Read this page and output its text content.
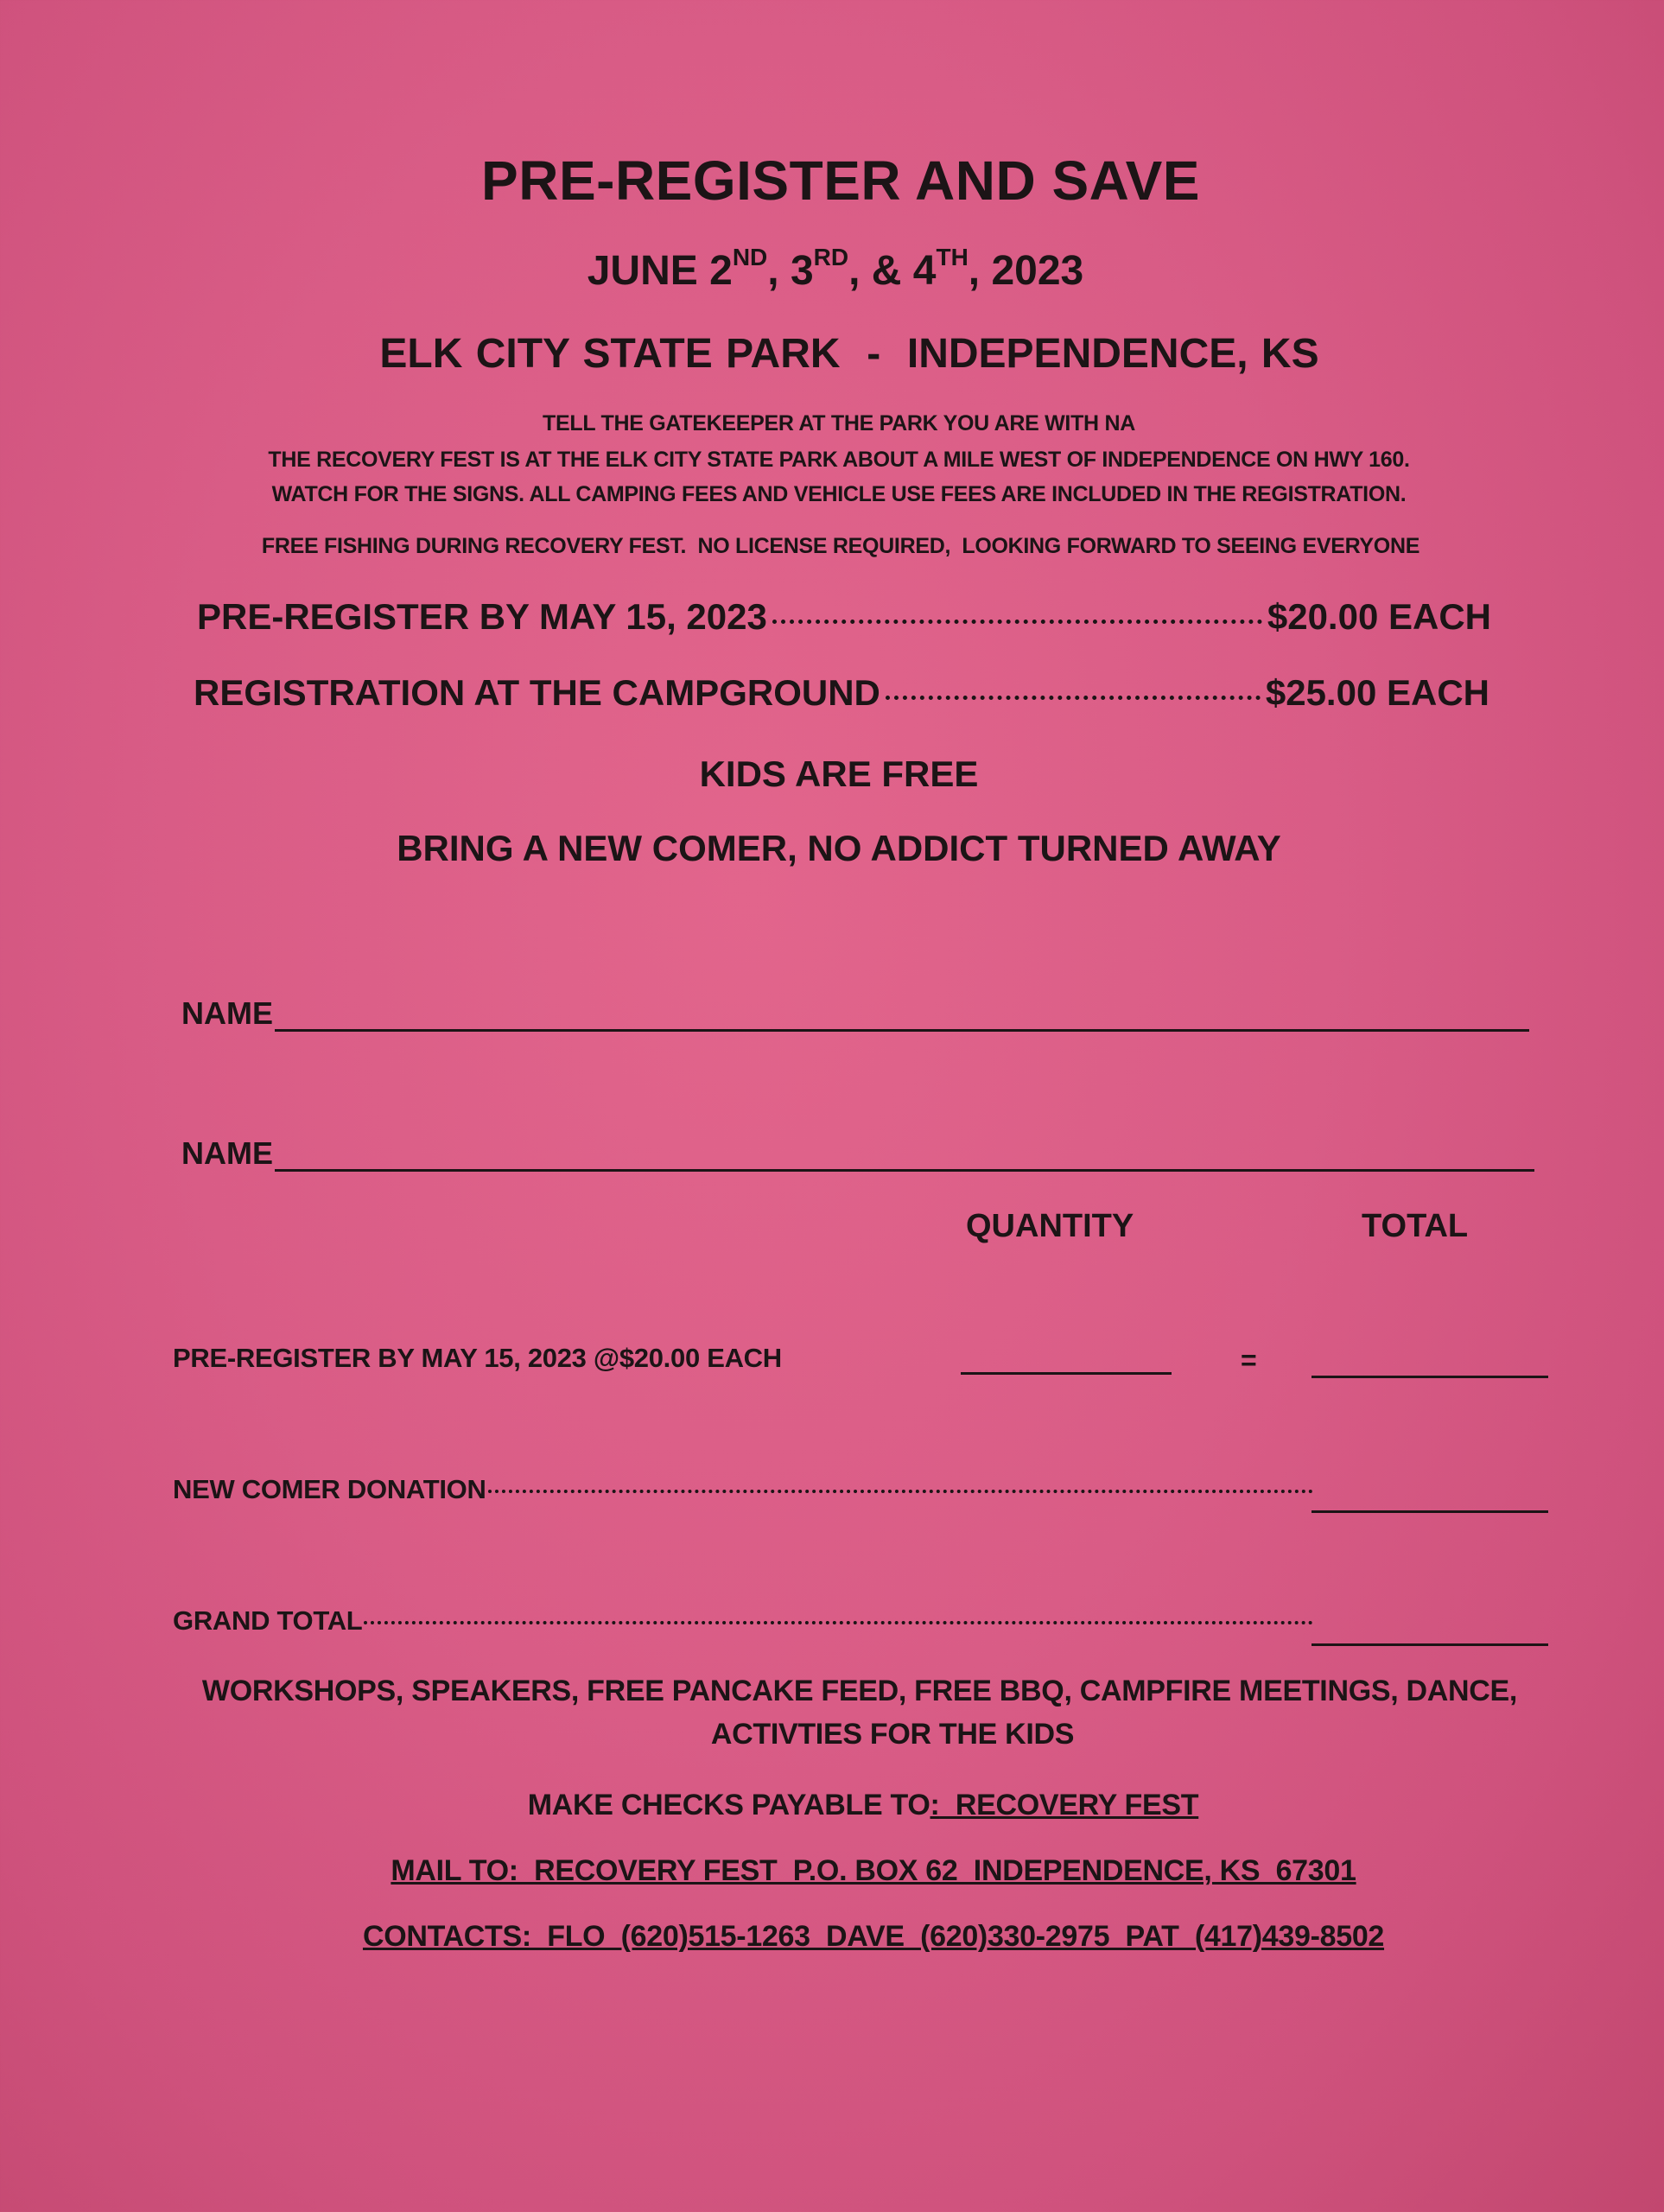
PRE-REGISTER AND SAVE
JUNE 2ND, 3RD, & 4TH, 2023
ELK CITY STATE PARK  -  INDEPENDENCE, KS
TELL THE GATEKEEPER AT THE PARK YOU ARE WITH NA
THE RECOVERY FEST IS AT THE ELK CITY STATE PARK ABOUT A MILE WEST OF INDEPENDENCE ON HWY 160.
WATCH FOR THE SIGNS. ALL CAMPING FEES AND VEHICLE USE FEES ARE INCLUDED IN THE REGISTRATION.
FREE FISHING DURING RECOVERY FEST.  NO LICENSE REQUIRED,  LOOKING FORWARD TO SEEING EVERYONE
PRE-REGISTER BY MAY 15, 2023	$20.00 EACH
REGISTRATION AT THE CAMPGROUND	$25.00 EACH
KIDS ARE FREE
BRING A NEW COMER, NO ADDICT TURNED AWAY
NAME
NAME
QUANTITY	TOTAL
PRE-REGISTER BY MAY 15, 2023 @$20.00 EACH	=
NEW COMER DONATION
GRAND TOTAL
WORKSHOPS, SPEAKERS, FREE PANCAKE FEED, FREE BBQ, CAMPFIRE MEETINGS, DANCE,
ACTIVTIES FOR THE KIDS
MAKE CHECKS PAYABLE TO:  RECOVERY FEST
MAIL TO:  RECOVERY FEST  P.O. BOX 62  INDEPENDENCE, KS  67301
CONTACTS:  FLO  (620)515-1263  DAVE  (620)330-2975  PAT  (417)439-8502
